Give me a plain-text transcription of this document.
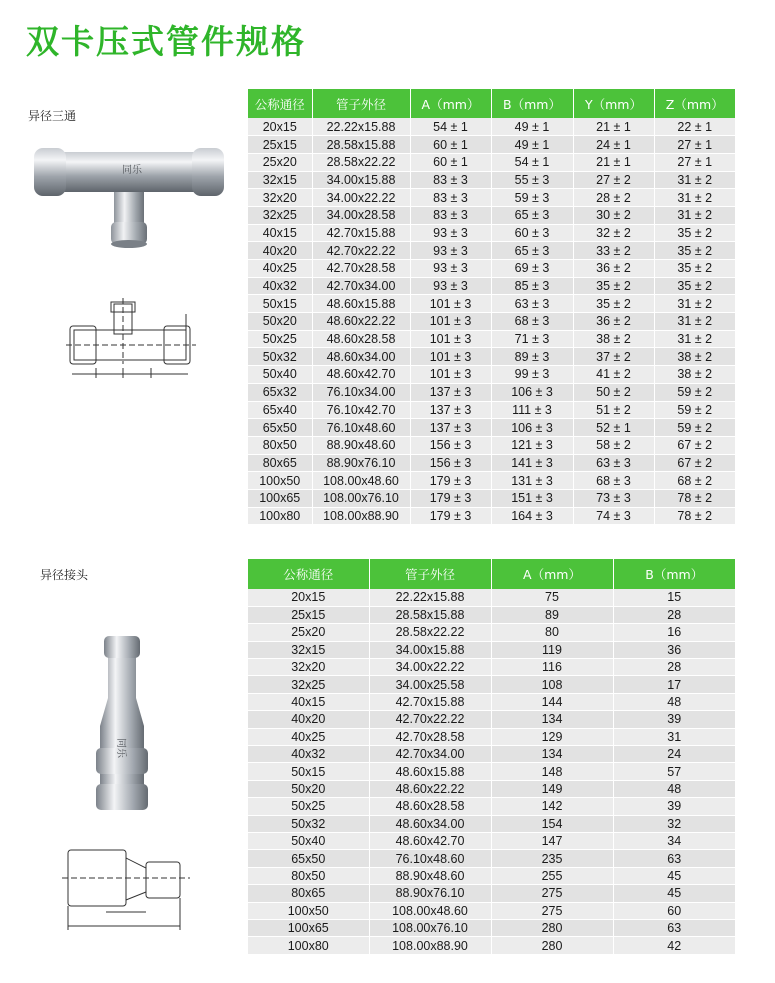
双卡压式管件规格
异径三通
同乐
公称通径	管子外径	A（mm）	B（mm）	Y（mm）	Z（mm）
20x15	22.22x15.88	54 ± 1	49 ± 1	21 ± 1	22 ± 1
25x15	28.58x15.88	60 ± 1	49 ± 1	24 ± 1	27 ± 1
25x20	28.58x22.22	60 ± 1	54 ± 1	21 ± 1	27 ± 1
32x15	34.00x15.88	83 ± 3	55 ± 3	27 ± 2	31 ± 2
32x20	34.00x22.22	83 ± 3	59 ± 3	28 ± 2	31 ± 2
32x25	34.00x28.58	83 ± 3	65 ± 3	30 ± 2	31 ± 2
40x15	42.70x15.88	93 ± 3	60 ± 3	32 ± 2	35 ± 2
40x20	42.70x22.22	93 ± 3	65 ± 3	33 ± 2	35 ± 2
40x25	42.70x28.58	93 ± 3	69 ± 3	36 ± 2	35 ± 2
40x32	42.70x34.00	93 ± 3	85 ± 3	35 ± 2	35 ± 2
50x15	48.60x15.88	101 ± 3	63 ± 3	35 ± 2	31 ± 2
50x20	48.60x22.22	101 ± 3	68 ± 3	36 ± 2	31 ± 2
50x25	48.60x28.58	101 ± 3	71 ± 3	38 ± 2	31 ± 2
50x32	48.60x34.00	101 ± 3	89 ± 3	37 ± 2	38 ± 2
50x40	48.60x42.70	101 ± 3	99 ± 3	41 ± 2	38 ± 2
65x32	76.10x34.00	137 ± 3	106 ± 3	50 ± 2	59 ± 2
65x40	76.10x42.70	137 ± 3	111 ± 3	51 ± 2	59 ± 2
65x50	76.10x48.60	137 ± 3	106 ± 3	52 ± 1	59 ± 2
80x50	88.90x48.60	156 ± 3	121 ± 3	58 ± 2	67 ± 2
80x65	88.90x76.10	156 ± 3	141 ± 3	63 ± 3	67 ± 2
100x50	108.00x48.60	179 ± 3	131 ± 3	68 ± 3	68 ± 2
100x65	108.00x76.10	179 ± 3	151 ± 3	73 ± 3	78 ± 2
100x80	108.00x88.90	179 ± 3	164 ± 3	74 ± 3	78 ± 2
异径接头
同乐
公称通径	管子外径	A（mm）	B（mm）
20x15	22.22x15.88	75	15
25x15	28.58x15.88	89	28
25x20	28.58x22.22	80	16
32x15	34.00x15.88	119	36
32x20	34.00x22.22	116	28
32x25	34.00x25.58	108	17
40x15	42.70x15.88	144	48
40x20	42.70x22.22	134	39
40x25	42.70x28.58	129	31
40x32	42.70x34.00	134	24
50x15	48.60x15.88	148	57
50x20	48.60x22.22	149	48
50x25	48.60x28.58	142	39
50x32	48.60x34.00	154	32
50x40	48.60x42.70	147	34
65x50	76.10x48.60	235	63
80x50	88.90x48.60	255	45
80x65	88.90x76.10	275	45
100x50	108.00x48.60	275	60
100x65	108.00x76.10	280	63
100x80	108.00x88.90	280	42
